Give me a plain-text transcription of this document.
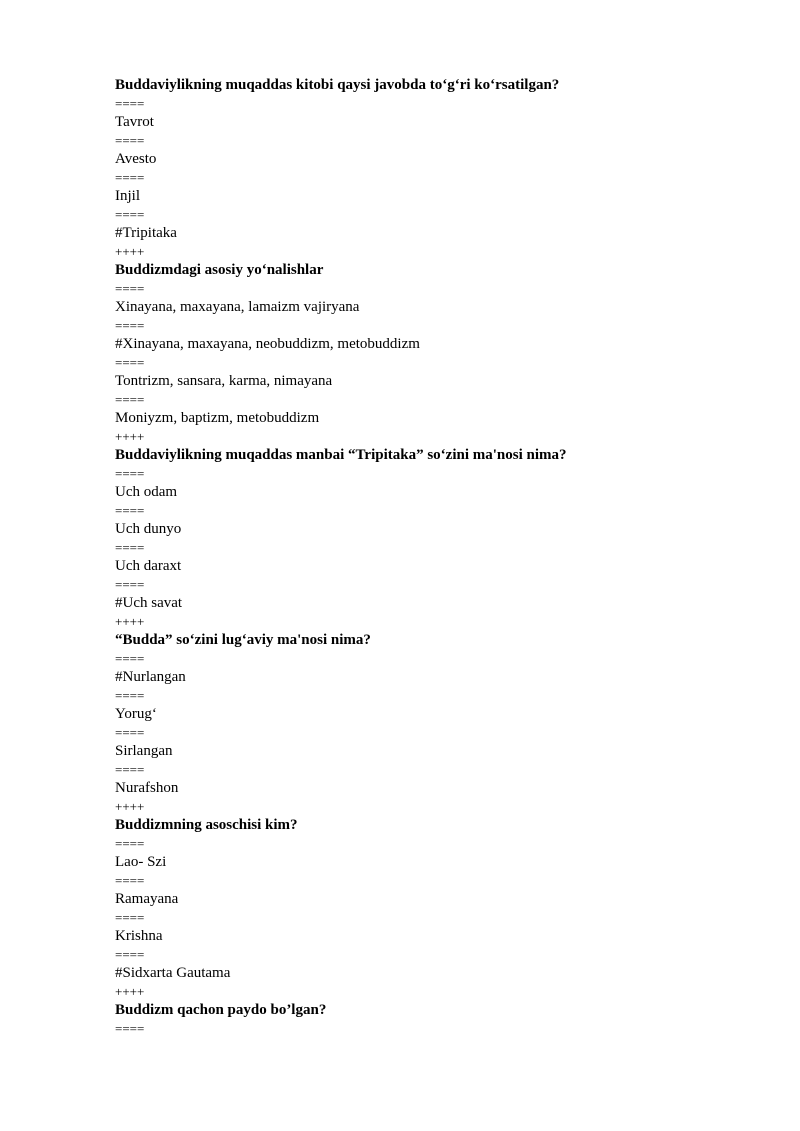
Buddaviylikning muqaddas kitobi qaysi javobda to‘g‘ri ko‘rsatilgan?
====
Tavrot
====
Avesto
====
Injil
====
#Tripitaka
++++
Buddizmdagi asosiy yo‘nalishlar
====
Xinayana, maxayana, lamaizm vajiryana
====
#Xinayana, maxayana, neobuddizm, metobuddizm
====
Tontrizm, sansara, karma, nimayana
====
Moniyzm, baptizm, metobuddizm
++++
Buddaviylikning muqaddas manbai “Tripitaka” so‘zini ma'nosi nima?
====
Uch odam
====
Uch dunyo
====
Uch daraxt
====
#Uch savat
++++
“Budda” so‘zini lug‘aviy ma'nosi nima?
====
#Nurlangan
====
Yorug‘
====
Sirlangan
====
Nurafshon
++++
Buddizmning asoschisi kim?
====
Lao- Szi
====
Ramayana
====
Krishna
====
#Sidxarta Gautama
++++
Buddizm qachon paydo bo’lgan?
====
